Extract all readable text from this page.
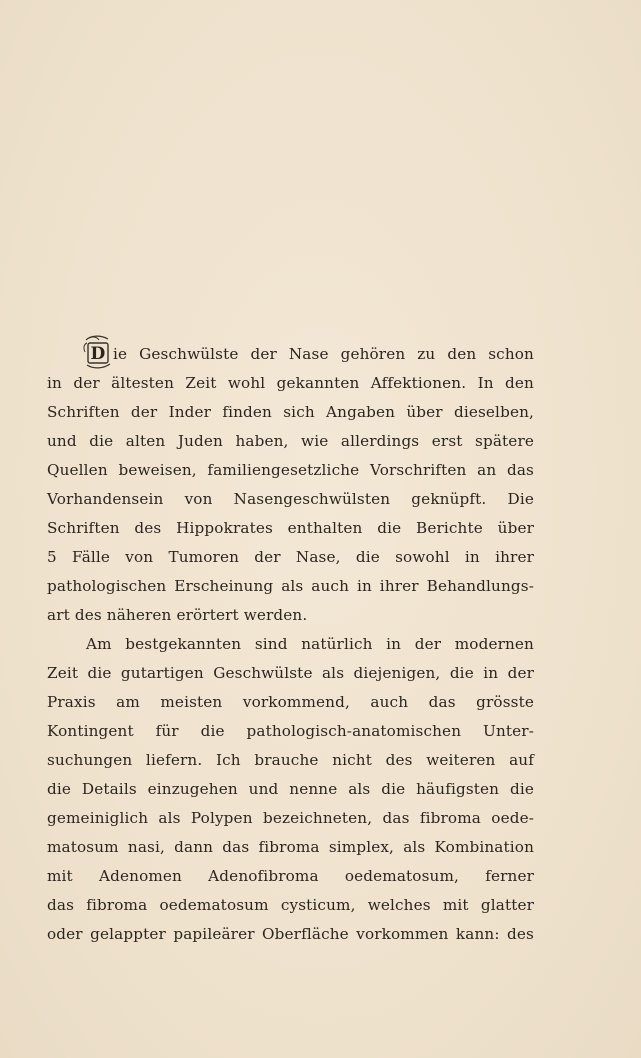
D ie Geschwülste der Nase gehören zu den schon
in der ältesten Zeit wohl gekannten Affektionen. In den
Schriften der Inder finden sich Angaben über dieselben,
und die alten Juden haben, wie allerdings erst spätere
Quellen beweisen, familiengesetzliche Vorschriften an das
Vorhandensein von Nasengeschwülsten geknüpft. Die
Schriften des Hippokrates enthalten die Berichte über
5 Fälle von Tumoren der Nase, die sowohl in ihrer
pathologischen Erscheinung als auch in ihrer Behandlungs-
art des näheren erörtert werden.
Am bestgekannten sind natürlich in der modernen
Zeit die gutartigen Geschwülste als diejenigen, die in der
Praxis am meisten vorkommend, auch das grösste
Kontingent für die pathologisch-anatomischen Unter-
suchungen liefern. Ich brauche nicht des weiteren auf
die Details einzugehen und nenne als die häufigsten die
gemeiniglich als Polypen bezeichneten, das fibroma oede-
matosum nasi, dann das fibroma simplex, als Kombination
mit Adenomen Adenofibroma oedematosum, ferner
das fibroma oedematosum cysticum, welches mit glatter
oder gelappter papileärer Oberfläche vorkommen kann: des
